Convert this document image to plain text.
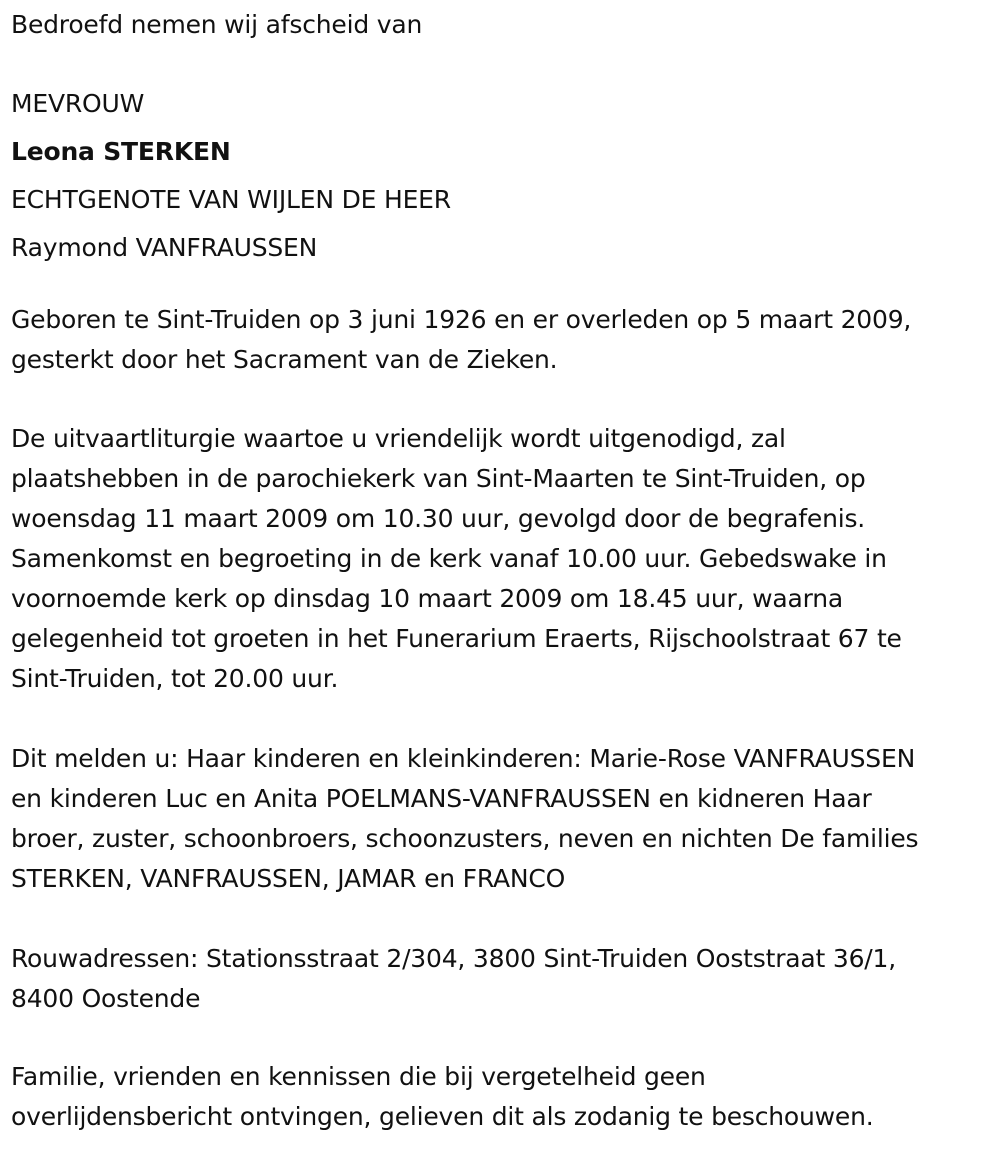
Bedroefd nemen wij afscheid van
MEVROUW
Leona STERKEN
ECHTGENOTE VAN WIJLEN DE HEER
Raymond VANFRAUSSEN
Geboren te Sint-Truiden op 3 juni 1926 en er overleden op 5 maart 2009,
gesterkt door het Sacrament van de Zieken.
De uitvaartliturgie waartoe u vriendelijk wordt uitgenodigd, zal
plaatshebben in de parochiekerk van Sint-Maarten te Sint-Truiden, op
woensdag 11 maart 2009 om 10.30 uur, gevolgd door de begrafenis.
Samenkomst en begroeting in de kerk vanaf 10.00 uur. Gebedswake in
voornoemde kerk op dinsdag 10 maart 2009 om 18.45 uur, waarna
gelegenheid tot groeten in het Funerarium Eraerts, Rijschoolstraat 67 te
Sint-Truiden, tot 20.00 uur.
Dit melden u: Haar kinderen en kleinkinderen: Marie-Rose VANFRAUSSEN
en kinderen Luc en Anita POELMANS-VANFRAUSSEN en kidneren Haar
broer, zuster, schoonbroers, schoonzusters, neven en nichten De families
STERKEN, VANFRAUSSEN, JAMAR en FRANCO
Rouwadressen: Stationsstraat 2/304, 3800 Sint-Truiden Ooststraat 36/1,
8400 Oostende
Familie, vrienden en kennissen die bij vergetelheid geen
overlijdensbericht ontvingen, gelieven dit als zodanig te beschouwen.
